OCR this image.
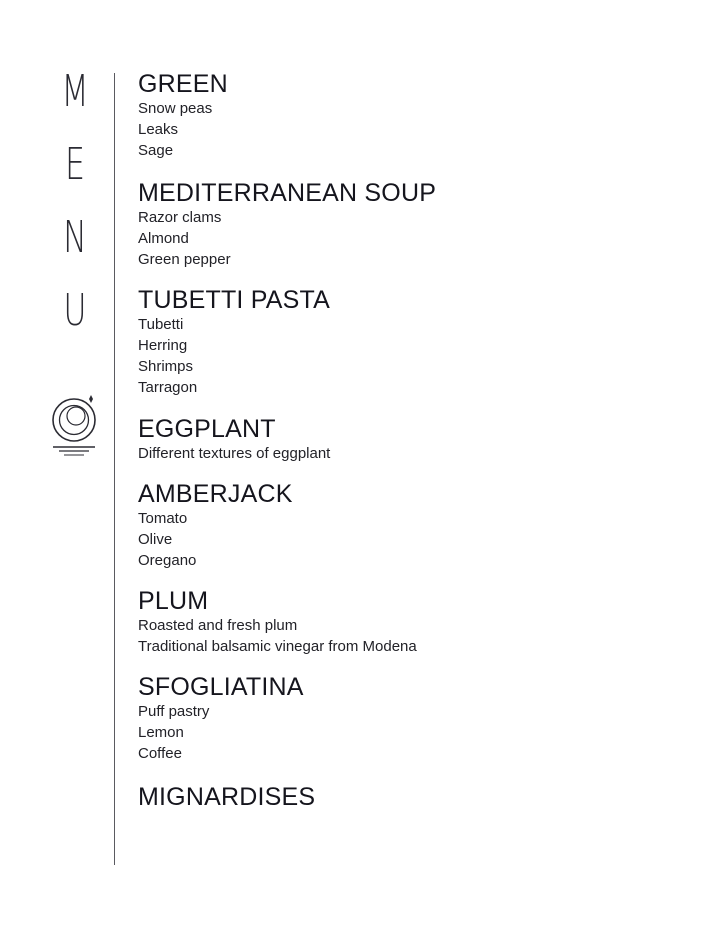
M
E
N
U
GREEN
Snow peas
Leaks
Sage
MEDITERRANEAN SOUP
Razor clams
Almond
Green pepper
TUBETTI PASTA
Tubetti
Herring
Shrimps
Tarragon
EGGPLANT
Different textures of eggplant
AMBERJACK
Tomato
Olive
Oregano
PLUM
Roasted and fresh plum
Traditional balsamic vinegar from Modena
SFOGLIATINA
Puff pastry
Lemon
Coffee
MIGNARDISES
